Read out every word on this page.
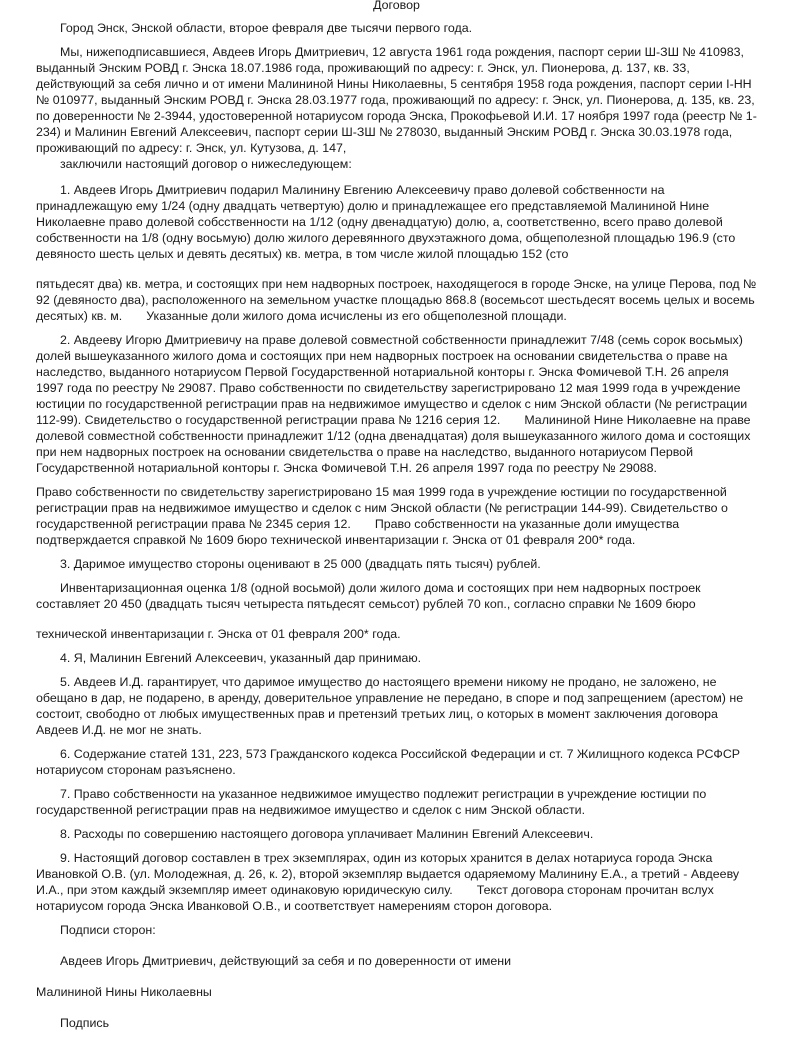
Договор

Город Энск, Энской области, второе февраля две тысячи первого года.

Мы, нижеподписавшиеся, Авдеев Игорь Дмитриевич, 12 августа 1961 года рождения, паспорт серии Ш-ЗШ № 410983, выданный Энским РОВД г. Энска 18.07.1986 года, проживающий по адресу: г. Энск, ул. Пионерова, д. 137, кв. 33, действующий за себя лично и от имени Малининой Нины Николаевны, 5 сентября 1958 года рождения, паспорт серии I-НН № 010977, выданный Энским РОВД г. Энска 28.03.1977 года, проживающий по адресу: г. Энск, ул. Пионерова, д. 135, кв. 23, по доверенности № 2-3944, удостоверенной нотариусом города Энска, Прокофьевой И.И. 17 ноября 1997 года (реестр № 1-234) и Малинин Евгений Алексеевич, паспорт серии Ш-ЗШ № 278030, выданный Энским РОВД г. Энска 30.03.1978 года, проживающий по адресу: г. Энск, ул. Кутузова, д. 147,

заключили настоящий договор о нижеследующем:

1. Авдеев Игорь Дмитриевич подарил Малинину Евгению Алексеевичу право долевой собственности на принадлежащую ему 1/24 (одну двадцать четвертую) долю и принадлежащее его представляемой Малининой Нине Николаевне право долевой собсственности на 1/12 (одну двенадцатую) долю, а, соответственно, всего право долевой собственности на 1/8 (одну восьмую) долю жилого деревянного двухэтажного дома, общеполезной площадью 196.9 (сто девяносто шесть целых и девять десятых) кв. метра, в том числе жилой площадью 152 (сто

пятьдесят два) кв. метра, и состоящих при нем надворных построек, находящегося в городе Энске, на улице Перова, под № 92 (девяносто два), расположенного на земельном участке площадью 868.8 (восемьсот шестьдесят восемь целых и восемь десятых) кв. м. Указанные доли жилого дома исчислены из его общеполезной площади.

2. Авдееву Игорю Дмитриевичу на праве долевой совместной собственности принадлежит 7/48 (семь сорок восьмых) долей вышеуказанного жилого дома и состоящих при нем надворных построек на основании свидетельства о праве на наследство, выданного нотариусом Первой Государственной нотариальной конторы г. Энска Фомичевой Т.Н. 26 апреля 1997 года по реестру № 29087. Право собственности по свидетельству зарегистрировано 12 мая 1999 года в учреждение юстиции по государственной регистрации прав на недвижимое имущество и сделок с ним Энской области (№ регистрации 112-99). Свидетельство о государственной регистрации права № 1216 серия 12. Малининой Нине Николаевне на праве долевой совместной собственности принадлежит 1/12 (одна двенадцатая) доля вышеуказанного жилого дома и состоящих при нем надворных построек на основании свидетельства о праве на наследство, выданного нотариусом Первой Государственной нотариальной конторы г. Энска Фомичевой Т.Н. 26 апреля 1997 года по реестру № 29088.

Право собственности по свидетельству зарегистрировано 15 мая 1999 года в учреждение юстиции по государственной регистрации прав на недвижимое имущество и сделок с ним Энской области (№ регистрации 144-99). Свидетельство о государственной регистрации права № 2345 серия 12. Право собственности на указанные доли имущества подтверждается справкой № 1609 бюро технической инвентаризации г. Энска от 01 февраля 200* года.

3. Даримое имущество стороны оценивают в 25 000 (двадцать пять тысяч) рублей.

Инвентаризационная оценка 1/8 (одной восьмой) доли жилого дома и состоящих при нем надворных построек составляет 20 450 (двадцать тысяч четыреста пятьдесят семьсот) рублей 70 коп., согласно справки № 1609 бюро

технической инвентаризации г. Энска от 01 февраля 200* года.

4. Я, Малинин Евгений Алексеевич, указанный дар принимаю.

5. Авдеев И.Д. гарантирует, что даримое имущество до настоящего времени никому не продано, не заложено, не обещано в дар, не подарено, в аренду, доверительное управление не передано, в споре и под запрещением (арестом) не состоит, свободно от любых имущественных прав и претензий третьих лиц, о которых в момент заключения договора Авдеев И.Д. не мог не знать.

6. Содержание статей 131, 223, 573 Гражданского кодекса Российской Федерации и ст. 7 Жилищного кодекса РСФСР нотариусом сторонам разъяснено.

7. Право собственности на указанное недвижимое имущество подлежит регистрации в учреждение юстиции по государственной регистрации прав на недвижимое имущество и сделок с ним Энской области.

8. Расходы по совершению настоящего договора уплачивает Малинин Евгений Алексеевич.

9. Настоящий договор составлен в трех экземплярах, один из которых хранится в делах нотариуса города Энска Ивановкой О.В. (ул. Молодежная, д. 26, к. 2), второй экземпляр выдается одаряемому Малинину Е.А., а третий - Авдееву И.А., при этом каждый экземпляр имеет одинаковую юридическую силу. Текст договора сторонам прочитан вслух нотариусом города Энска Иванковой О.В., и соответствует намерениям сторон договора.

Подписи сторон:

Авдеев Игорь Дмитриевич, действующий за себя и по доверенности от имени

Малининой Нины Николаевны

Подпись
